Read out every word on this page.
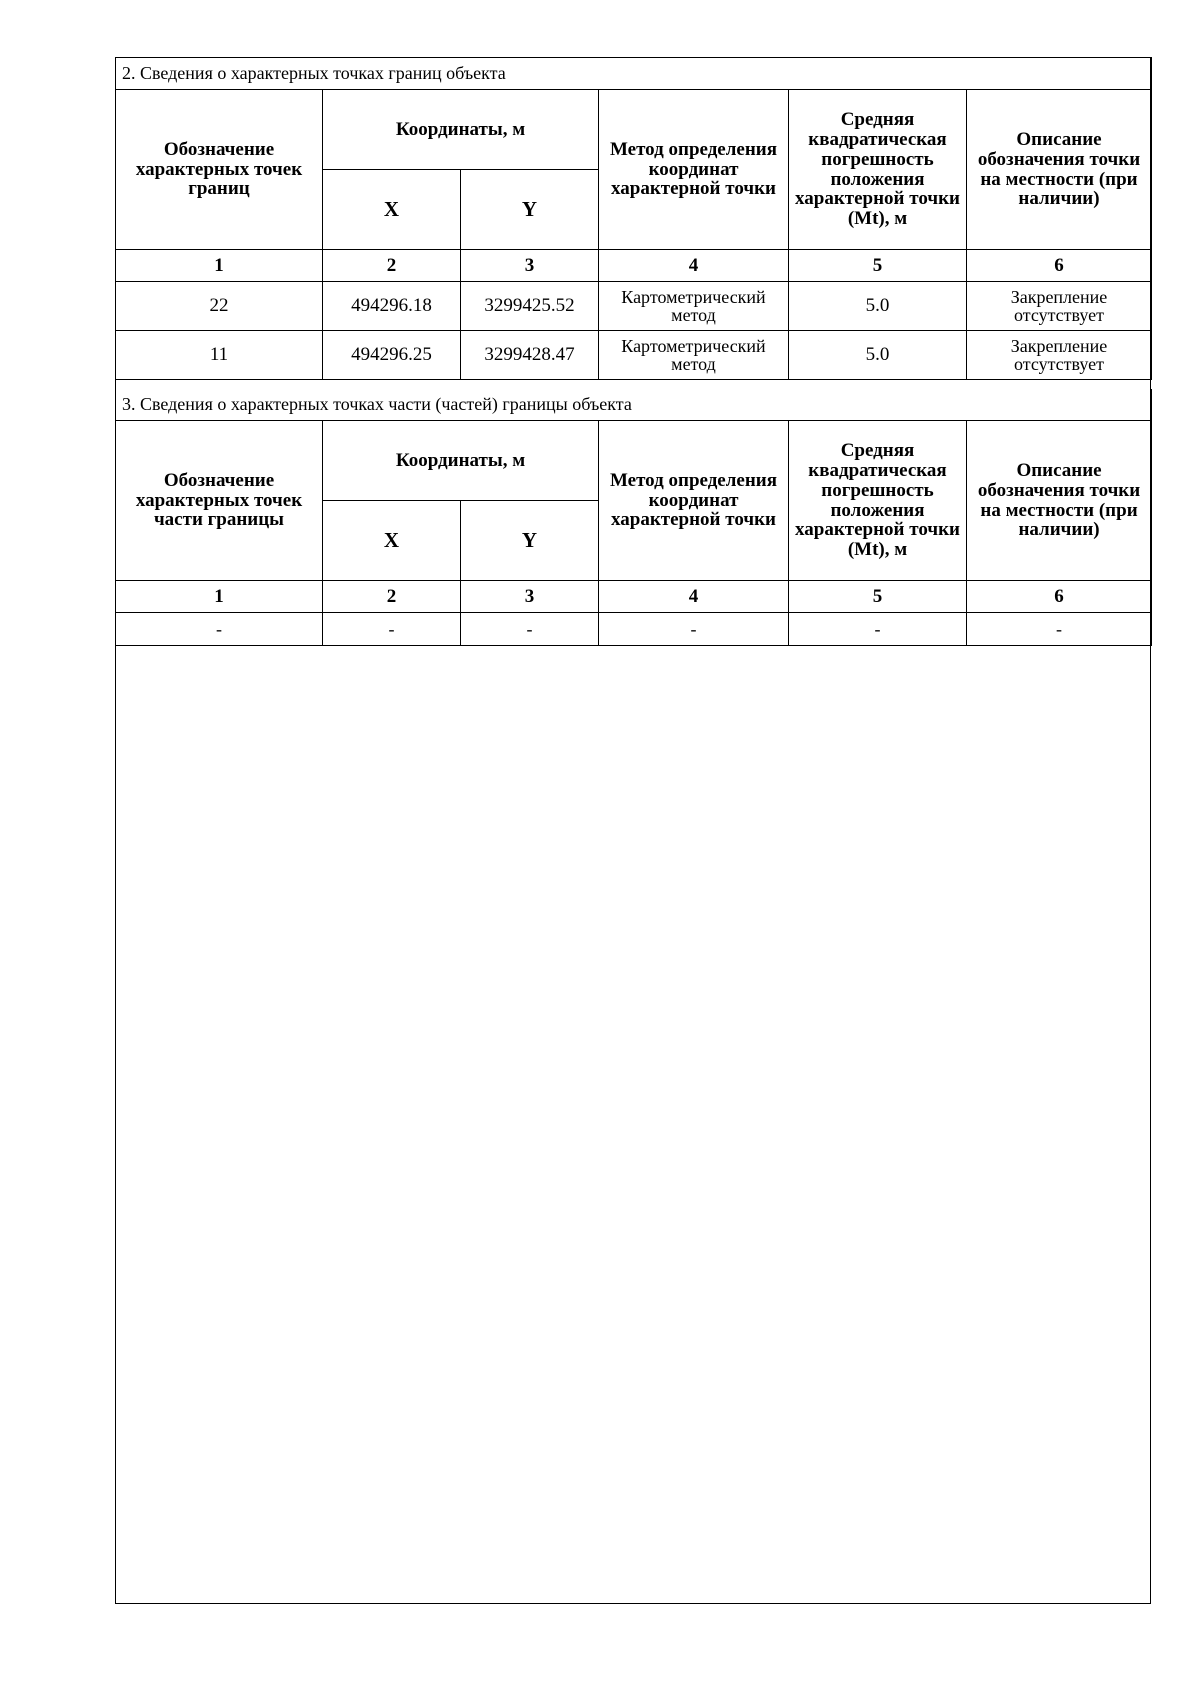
2. Сведения о характерных точках границ объекта					
Обозначение характерных точек границ	Координаты, м		Метод определения координат характерной точки	Средняя квадратическая погрешность положения характерной точки (Mt), м	Описание обозначения точки на местности (при наличии)
	X	Y			
1	2	3	4	5	6
22	494296.18	3299425.52	Картометрический метод	5.0	Закрепление отсутствует
11	494296.25	3299428.47	Картометрический метод	5.0	Закрепление отсутствует
3. Сведения о характерных точках части (частей) границы объекта					
Обозначение характерных точек части границы	Координаты, м		Метод определения координат характерной точки	Средняя квадратическая погрешность положения характерной точки (Mt), м	Описание обозначения точки на местности (при наличии)
	X	Y			
1	2	3	4	5	6
-	-	-	-	-	-
